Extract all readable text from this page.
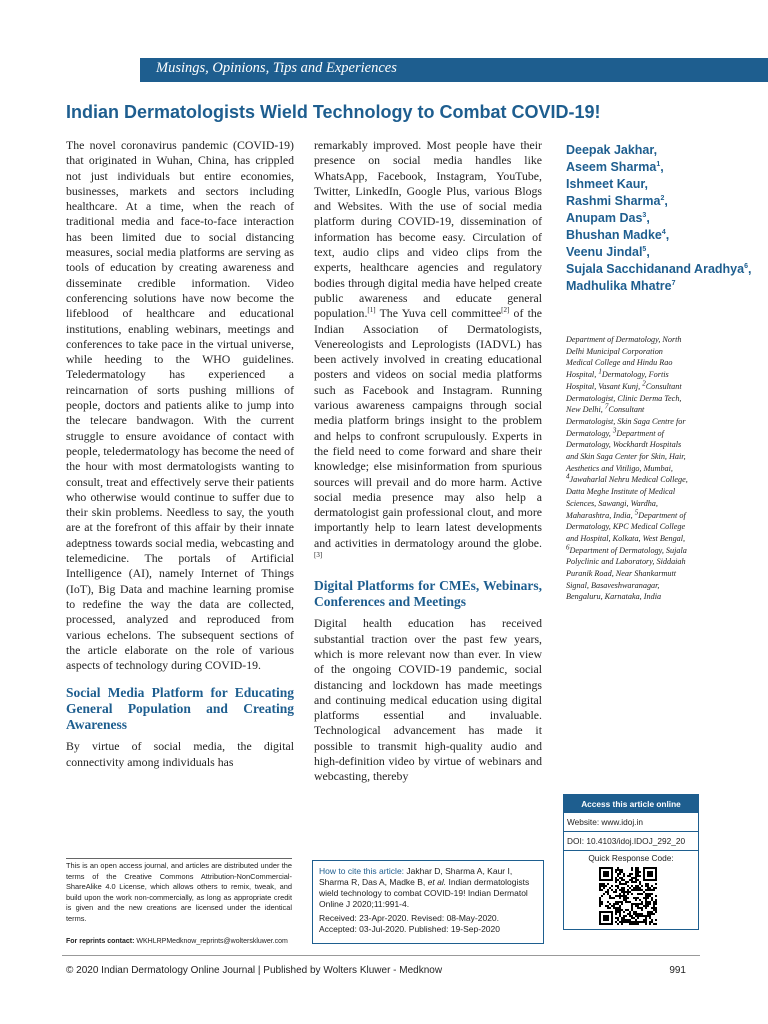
Musings, Opinions, Tips and Experiences
Indian Dermatologists Wield Technology to Combat COVID-19!

The novel coronavirus pandemic (COVID-19) that originated in Wuhan, China, has crippled not just individuals but entire economies, businesses, markets and sectors including healthcare. At a time, when the reach of traditional media and face-to-face interaction has been limited due to social distancing measures, social media platforms are serving as tools of education by creating awareness and disseminate credible information. Video conferencing solutions have now become the lifeblood of healthcare and educational institutions, enabling webinars, meetings and conferences to take pace in the virtual universe, while heeding to the WHO guidelines. Teledermatology has experienced a reincarnation of sorts pushing millions of people, doctors and patients alike to jump into the telecare bandwagon. With the current struggle to ensure avoidance of contact with people, teledermatology has become the need of the hour with most dermatologists wanting to consult, treat and effectively serve their patients who otherwise would continue to suffer due to their skin problems. Needless to say, the youth are at the forefront of this affair by their innate adeptness towards social media, webcasting and telemedicine. The portals of Artificial Intelligence (AI), namely Internet of Things (IoT), Big Data and machine learning promise to redefine the way the data are collected, processed, analyzed and reproduced from various echelons. The subsequent sections of the article elaborate on the role of various aspects of technology during COVID-19.

Social Media Platform for Educating General Population and Creating Awareness

By virtue of social media, the digital connectivity among individuals has

remarkably improved. Most people have their presence on social media handles like WhatsApp, Facebook, Instagram, YouTube, Twitter, LinkedIn, Google Plus, various Blogs and Websites. With the use of social media platform during COVID-19, dissemination of information has become easy. Circulation of text, audio clips and video clips from the experts, healthcare agencies and regulatory bodies through digital media have helped create public awareness and educate general population.[1] The Yuva cell committee[2] of the Indian Association of Dermatologists, Venereologists and Leprologists (IADVL) has been actively involved in creating educational posters and videos on social media platforms such as Facebook and Instagram. Running various awareness campaigns through social media platform brings insight to the problem and helps to confront scrupulously. Experts in the field need to come forward and share their knowledge; else misinformation from spurious sources will prevail and do more harm. Active social media presence may also help a dermatologist gain professional clout, and more importantly help to learn latest developments and activities in dermatology around the globe.[3]

Digital Platforms for CMEs, Webinars, Conferences and Meetings

Digital health education has received substantial traction over the past few years, which is more relevant now than ever. In view of the ongoing COVID-19 pandemic, social distancing and lockdown has made meetings and continuing medical education using digital platforms essential and invaluable. Technological advancement has made it possible to transmit high-quality audio and high-definition video by virtue of webinars and webcasting, thereby

Deepak Jakhar,
Aseem Sharma$^1$,
Ishmeet Kaur,
Rashmi Sharma$^2$,
Anupam Das$^3$,
Bhushan Madke$^4$,
Veenu Jindal$^5$,
Sujala Sacchidanand Aradhya$^6$,
Madhulika Mhatre$^7$
Department of Dermatology, North Delhi Municipal Corporation Medical College and Hindu Rao Hospital, $^1$Dermatology, Fortis Hospital, Vasant Kunj, $^2$Consultant Dermatologist, Clinic Derma Tech, New Delhi, $^7$Consultant Dermatologist, Skin Saga Centre for Dermatology, $^3$Department of Dermatology, Wockhardt Hospitals and Skin Saga Center for Skin, Hair, Aesthetics and Vitiligo, Mumbai, $^4$Jawaharlal Nehru Medical College, Datta Meghe Institute of Medical Sciences, Sawangi, Wardha, Maharashtra, India, $^5$Department of Dermatology, KPC Medical College and Hospital, Kolkata, West Bengal, $^6$Department of Dermatology, Sujala Polyclinic and Laboratory, Siddaiah Puranik Road, Near Shankarmutt Signal, Basaveshwaranagar, Bengaluru, Karnataka, India
Access this article online
Website: www.idoj.in
DOI: 10.4103/idoj.IDOJ_292_20
Quick Response Code:
This is an open access journal, and articles are distributed under the terms of the Creative Commons Attribution-NonCommercial-ShareAlike 4.0 License, which allows others to remix, tweak, and build upon the work non-commercially, as long as appropriate credit is given and the new creations are licensed under the identical terms.
For reprints contact: WKHLRPMedknow_reprints@wolterskluwer.com
How to cite this article: Jakhar D, Sharma A, Kaur I, Sharma R, Das A, Madke B, et al. Indian dermatologists wield technology to combat COVID-19! Indian Dermatol Online J 2020;11:991-4.
Received: 23-Apr-2020. Revised: 08-May-2020.
Accepted: 03-Jul-2020. Published: 19-Sep-2020
© 2020 Indian Dermatology Online Journal | Published by Wolters Kluwer - Medknow	991
